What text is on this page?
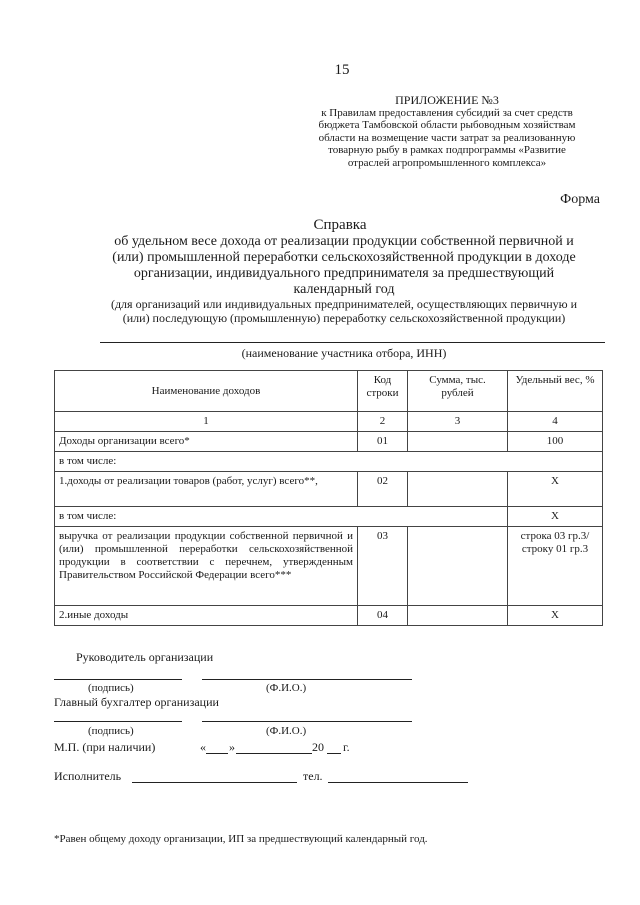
15
ПРИЛОЖЕНИЕ №3
к Правилам предоставления субсидий за счет средств
бюджета Тамбовской области рыбоводным хозяйствам
области на возмещение части затрат за реализованную
товарную рыбу в рамках подпрограммы «Развитие
отраслей агропромышленного комплекса»
Форма
Справка
об удельном весе дохода от реализации продукции собственной первичной и
(или) промышленной переработки сельскохозяйственной продукции в доходе
организации, индивидуального предпринимателя за предшествующий
календарный год
(для организаций или индивидуальных предпринимателей, осуществляющих первичную и
(или) последующую (промышленную) переработку сельскохозяйственной продукции)
(наименование участника отбора, ИНН)
Наименование доходов	Код строки	Сумма, тыс. рублей	Удельный вес, %
1	2	3	4
Доходы организации всего*	01		100
в том числе:			
1.доходы от реализации товаров (работ, услуг) всего**,	02		X
в том числе:			X
выручка от реализации продукции собственной первичной и (или) промышленной переработки сельскохозяйственной продукции в соответствии с перечнем, утвержденным Правительством Российской Федерации всего***	03		строка 03 гр.3/ строку 01 гр.3
2.иные доходы	04		X
Руководитель организации
(подпись)	(Ф.И.О.)
Главный бухгалтер организации
(подпись)	(Ф.И.О.)
М.П. (при наличии)	« »	20 г.
Исполнитель	тел.
*Равен общему доходу организации, ИП за предшествующий календарный год.
